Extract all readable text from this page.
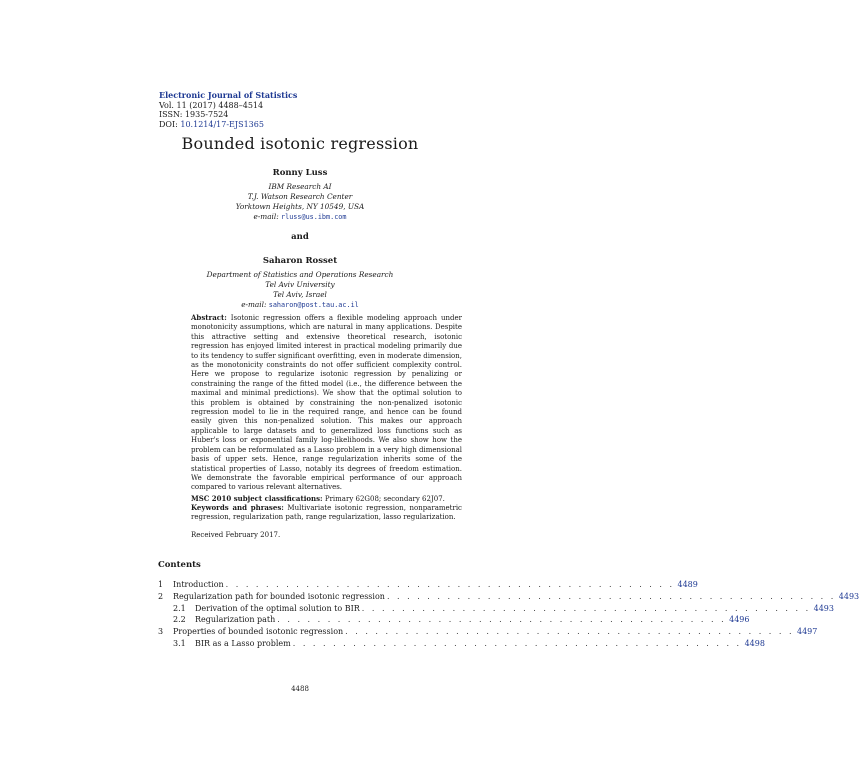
Electronic Journal of Statistics
Vol. 11 (2017) 4488–4514
ISSN: 1935-7524
DOI: 10.1214/17-EJS1365
Bounded isotonic regression
Ronny Luss
IBM Research AI
T.J. Watson Research Center
Yorktown Heights, NY 10549, USA
e-mail: rluss@us.ibm.com
and
Saharon Rosset
Department of Statistics and Operations Research
Tel Aviv University
Tel Aviv, Israel
e-mail: saharon@post.tau.ac.il
Abstract: Isotonic regression offers a flexible modeling approach under monotonicity assumptions, which are natural in many applications. Despite this attractive setting and extensive theoretical research, isotonic regression has enjoyed limited interest in practical modeling primarily due to its tendency to suffer significant overfitting, even in moderate dimension, as the monotonicity constraints do not offer sufficient complexity control. Here we propose to regularize isotonic regression by penalizing or constraining the range of the fitted model (i.e., the difference between the maximal and minimal predictions). We show that the optimal solution to this problem is obtained by constraining the non-penalized isotonic regression model to lie in the required range, and hence can be found easily given this non-penalized solution. This makes our approach applicable to large datasets and to generalized loss functions such as Huber's loss or exponential family log-likelihoods. We also show how the problem can be reformulated as a Lasso problem in a very high dimensional basis of upper sets. Hence, range regularization inherits some of the statistical properties of Lasso, notably its degrees of freedom estimation. We demonstrate the favorable empirical performance of our approach compared to various relevant alternatives.
MSC 2010 subject classifications: Primary 62G08; secondary 62J07.
Keywords and phrases: Multivariate isotonic regression, nonparametric regression, regularization path, range regularization, lasso regularization.
Received February 2017.
Contents
1	Introduction . . . . . . . . . . . . . . . . . . . . . . . . . . . . . . . . . . . . . . . . . . . . . 4489
2	Regularization path for bounded isotonic regression . . . . . . . . . . . . . . . . . . . . . . . . . . . . . . . . . . . . . . . . . . . . . 4493
2.1	Derivation of the optimal solution to BIR . . . . . . . . . . . . . . . . . . . . . . . . . . . . . . . . . . . . . . . . . . . . . 4493
2.2	Regularization path . . . . . . . . . . . . . . . . . . . . . . . . . . . . . . . . . . . . . . . . . . . . . 4496
3	Properties of bounded isotonic regression . . . . . . . . . . . . . . . . . . . . . . . . . . . . . . . . . . . . . . . . . . . . . 4497
3.1	BIR as a Lasso problem . . . . . . . . . . . . . . . . . . . . . . . . . . . . . . . . . . . . . . . . . . . . . 4498
4488
